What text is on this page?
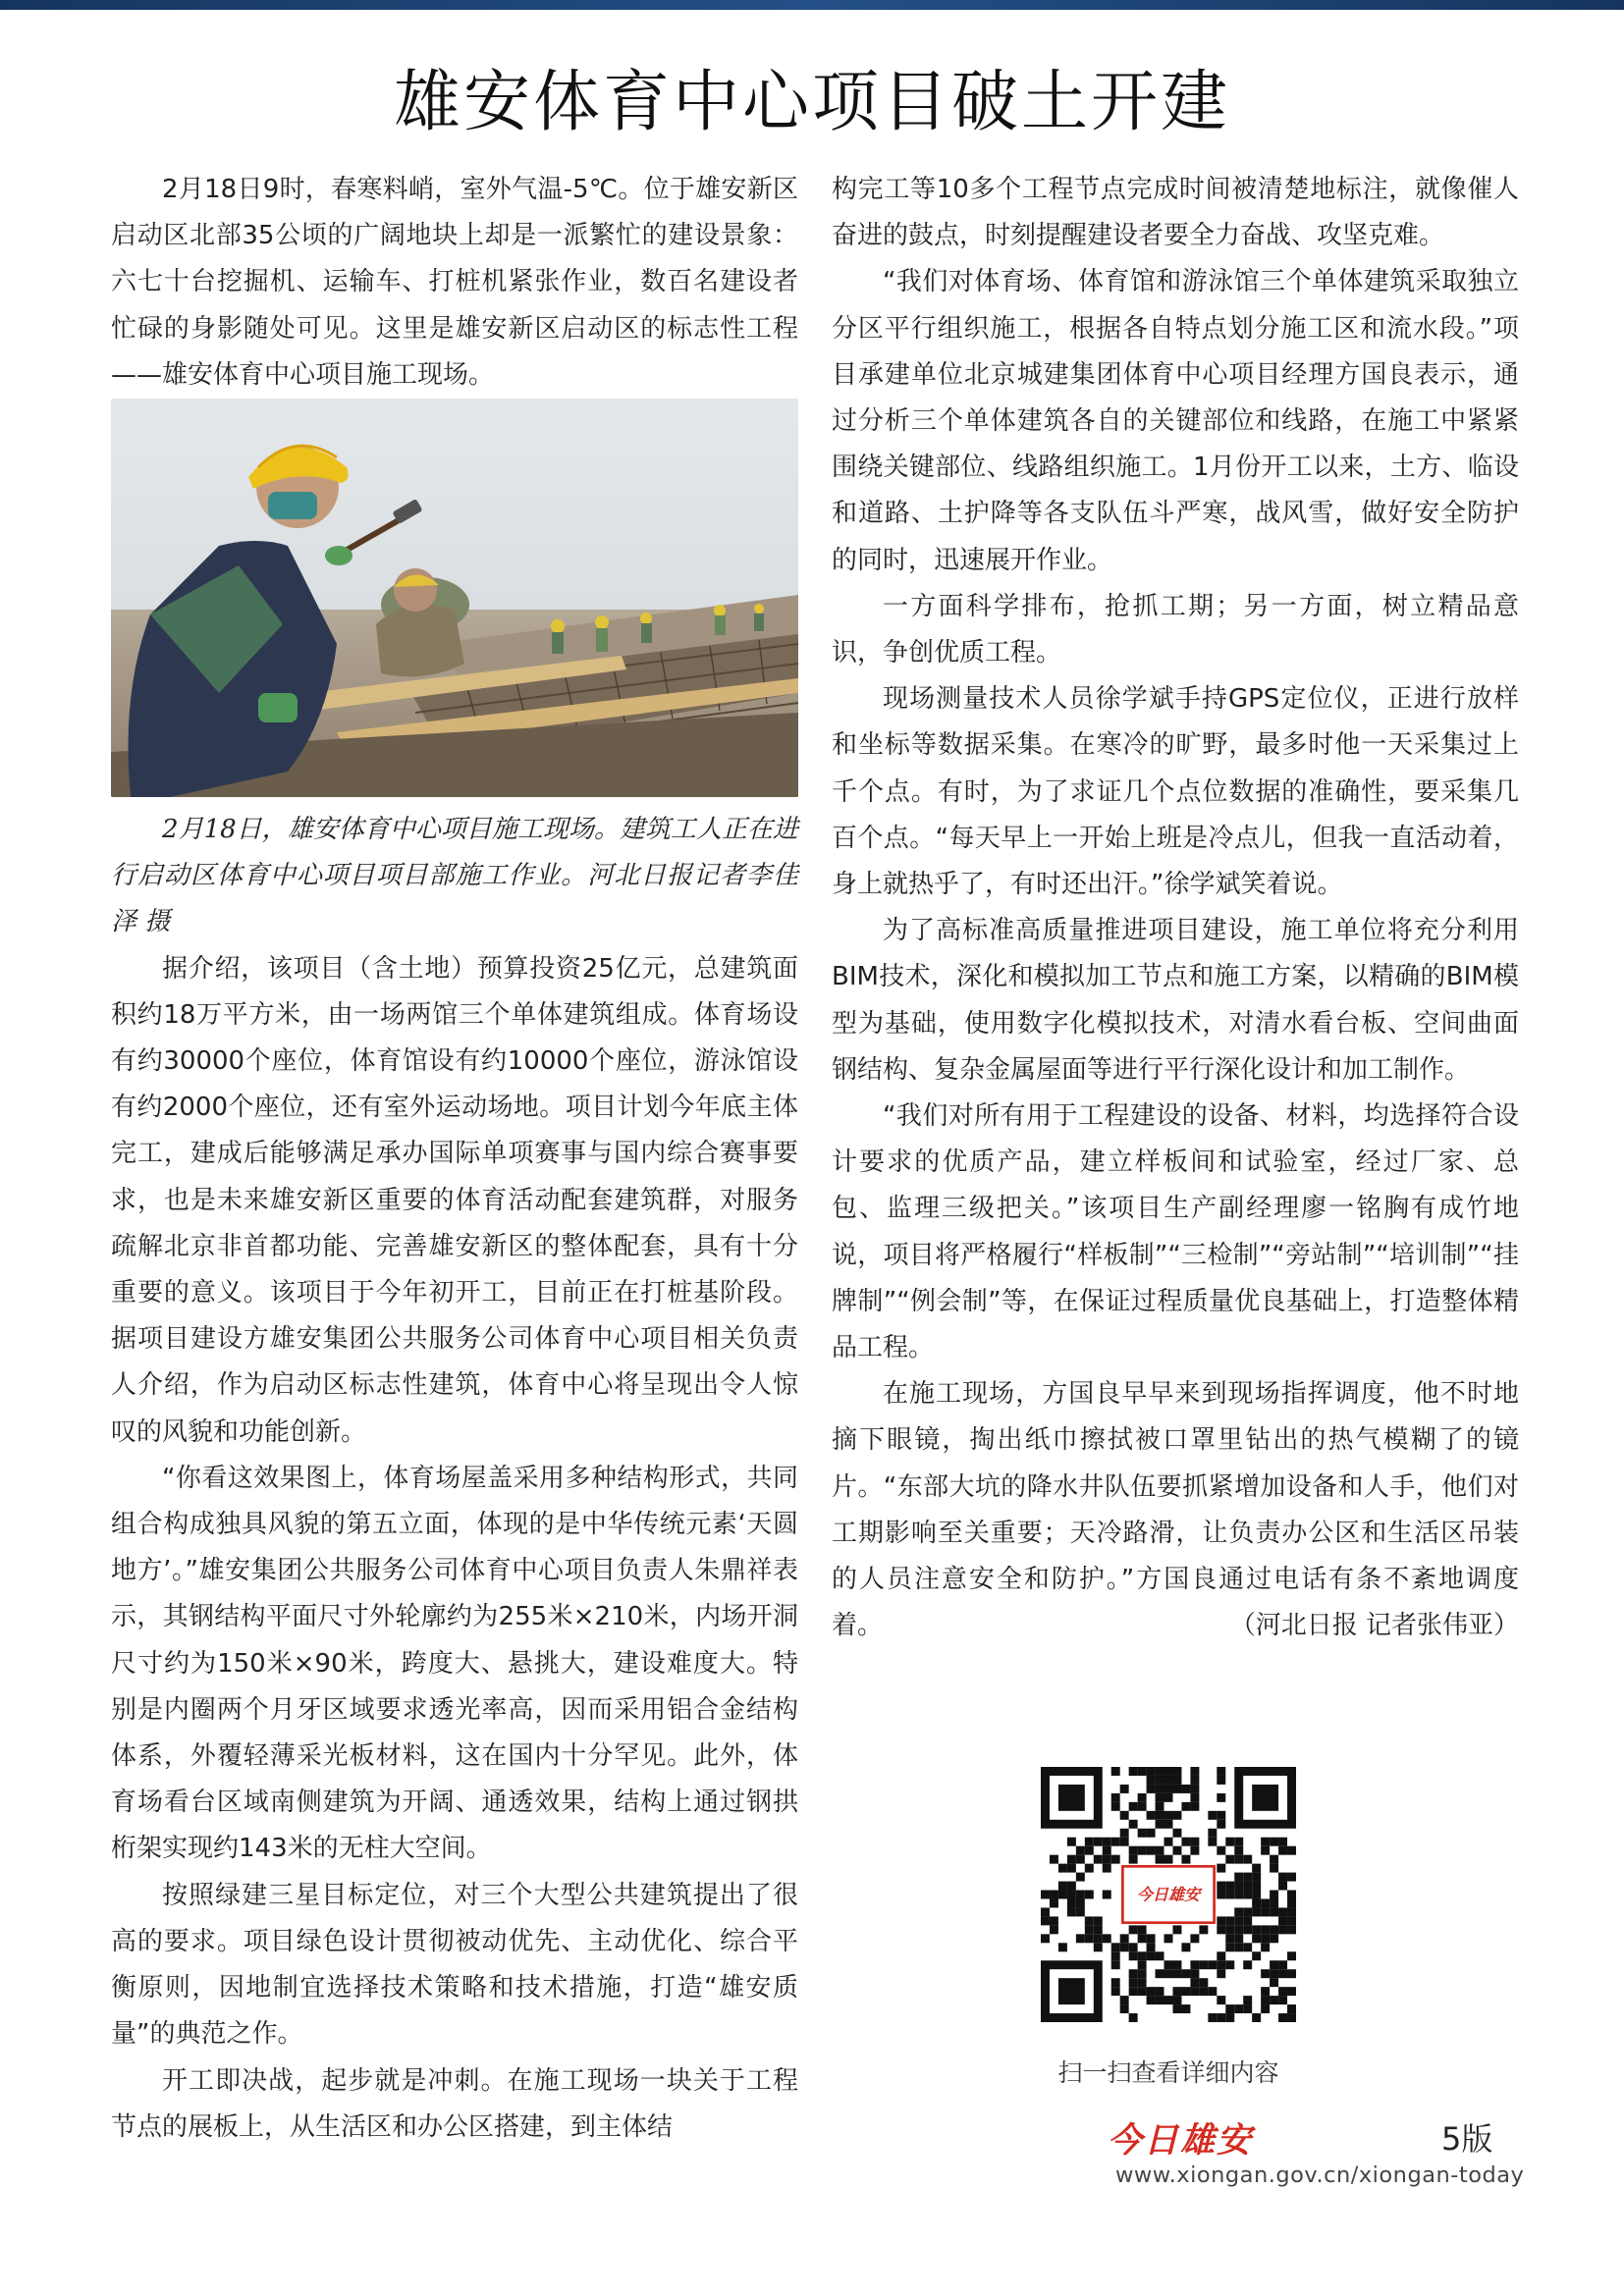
雄安体育中心项目破土开建

2月18日9时，春寒料峭，室外气温-5℃。位于雄安新区启动区北部35公顷的广阔地块上却是一派繁忙的建设景象：六七十台挖掘机、运输车、打桩机紧张作业，数百名建设者忙碌的身影随处可见。这里是雄安新区启动区的标志性工程——雄安体育中心项目施工现场。

2月18日，雄安体育中心项目施工现场。建筑工人正在进行启动区体育中心项目项目部施工作业。河北日报记者李佳泽 摄

据介绍，该项目（含土地）预算投资25亿元，总建筑面积约18万平方米，由一场两馆三个单体建筑组成。体育场设有约30000个座位，体育馆设有约10000个座位，游泳馆设有约2000个座位，还有室外运动场地。项目计划今年底主体完工，建成后能够满足承办国际单项赛事与国内综合赛事要求，也是未来雄安新区重要的体育活动配套建筑群，对服务疏解北京非首都功能、完善雄安新区的整体配套，具有十分重要的意义。该项目于今年初开工，目前正在打桩基阶段。据项目建设方雄安集团公共服务公司体育中心项目相关负责人介绍，作为启动区标志性建筑，体育中心将呈现出令人惊叹的风貌和功能创新。

“你看这效果图上，体育场屋盖采用多种结构形式，共同组合构成独具风貌的第五立面，体现的是中华传统元素‘天圆地方’。”雄安集团公共服务公司体育中心项目负责人朱鼎祥表示，其钢结构平面尺寸外轮廓约为255米×210米，内场开洞尺寸约为150米×90米，跨度大、悬挑大，建设难度大。特别是内圈两个月牙区域要求透光率高，因而采用铝合金结构体系，外覆轻薄采光板材料，这在国内十分罕见。此外，体育场看台区域南侧建筑为开阔、通透效果，结构上通过钢拱桁架实现约143米的无柱大空间。

按照绿建三星目标定位，对三个大型公共建筑提出了很高的要求。项目绿色设计贯彻被动优先、主动优化、综合平衡原则，因地制宜选择技术策略和技术措施，打造“雄安质量”的典范之作。

开工即决战，起步就是冲刺。在施工现场一块关于工程节点的展板上，从生活区和办公区搭建，到主体结

构完工等10多个工程节点完成时间被清楚地标注，就像催人奋进的鼓点，时刻提醒建设者要全力奋战、攻坚克难。

“我们对体育场、体育馆和游泳馆三个单体建筑采取独立分区平行组织施工，根据各自特点划分施工区和流水段。”项目承建单位北京城建集团体育中心项目经理方国良表示，通过分析三个单体建筑各自的关键部位和线路，在施工中紧紧围绕关键部位、线路组织施工。1月份开工以来，土方、临设和道路、土护降等各支队伍斗严寒，战风雪，做好安全防护的同时，迅速展开作业。

一方面科学排布，抢抓工期；另一方面，树立精品意识，争创优质工程。

现场测量技术人员徐学斌手持GPS定位仪，正进行放样和坐标等数据采集。在寒冷的旷野，最多时他一天采集过上千个点。有时，为了求证几个点位数据的准确性，要采集几百个点。“每天早上一开始上班是冷点儿，但我一直活动着，身上就热乎了，有时还出汗。”徐学斌笑着说。

为了高标准高质量推进项目建设，施工单位将充分利用BIM技术，深化和模拟加工节点和施工方案，以精确的BIM模型为基础，使用数字化模拟技术，对清水看台板、空间曲面钢结构、复杂金属屋面等进行平行深化设计和加工制作。

“我们对所有用于工程建设的设备、材料，均选择符合设计要求的优质产品，建立样板间和试验室，经过厂家、总包、监理三级把关。”该项目生产副经理廖一铭胸有成竹地说，项目将严格履行“样板制”“三检制”“旁站制”“培训制”“挂牌制”“例会制”等，在保证过程质量优良基础上，打造整体精品工程。

在施工现场，方国良早早来到现场指挥调度，他不时地摘下眼镜，掏出纸巾擦拭被口罩里钻出的热气模糊了的镜片。“东部大坑的降水井队伍要抓紧增加设备和人手，他们对工期影响至关重要；天冷路滑，让负责办公区和生活区吊装的人员注意安全和防护。”方国良通过电话有条不紊地调度着。	（河北日报 记者张伟亚）

今日雄安
扫一扫查看详细内容
今日雄安	5版
www.xiongan.gov.cn/xiongan-today
